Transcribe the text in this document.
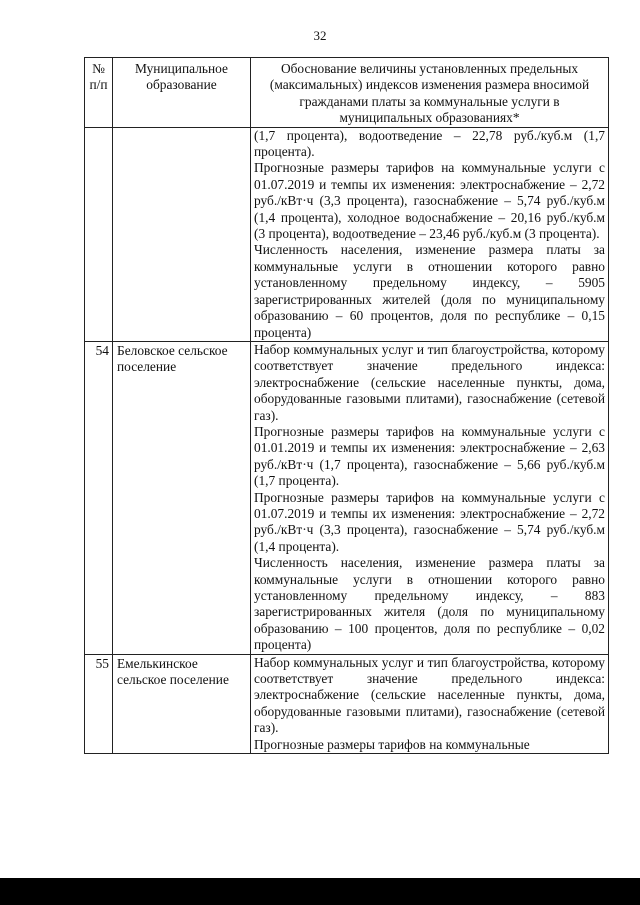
32
№ п/п	Муниципальное образование	Обоснование величины установленных предельных (максимальных) индексов изменения размера вносимой гражданами платы за коммунальные услуги в муниципальных образованиях*

		(1,7 процента), водоотведение – 22,78 руб./куб.м (1,7 процента).

Прогнозные размеры тарифов на коммунальные услуги с 01.07.2019 и темпы их изменения: электроснабжение – 2,72 руб./кВт·ч (3,3 процента), газоснабжение – 5,74 руб./куб.м (1,4 процента), холодное водоснабжение – 20,16 руб./куб.м (3 процента), водоотведение – 23,46 руб./куб.м (3 процента).

Численность населения, изменение размера платы за коммунальные услуги в отношении которого равно установленному предельному индексу, – 5905 зарегистрированных жителей (доля по муниципальному образованию – 60 процентов, доля по республике – 0,15 процента)

54	Беловское сельское поселение	Набор коммунальных услуг и тип благоустройства, которому соответствует значение предельного индекса: электроснабжение (сельские населенные пункты, дома, оборудованные газовыми плитами), газоснабжение (сетевой газ).

Прогнозные размеры тарифов на коммунальные услуги с 01.01.2019 и темпы их изменения: электроснабжение – 2,63 руб./кВт·ч (1,7 процента), газоснабжение – 5,66 руб./куб.м (1,7 процента).

Прогнозные размеры тарифов на коммунальные услуги с 01.07.2019 и темпы их изменения: электроснабжение – 2,72 руб./кВт·ч (3,3 процента), газоснабжение – 5,74 руб./куб.м (1,4 процента).

Численность населения, изменение размера платы за коммунальные услуги в отношении которого равно установленному предельному индексу, – 883 зарегистрированных жителя (доля по муниципальному образованию – 100 процентов, доля по республике – 0,02 процента)

55	Емелькинское сельское поселение	Набор коммунальных услуг и тип благоустройства, которому соответствует значение предельного индекса: электроснабжение (сельские населенные пункты, дома, оборудованные газовыми плитами), газоснабжение (сетевой газ).

Прогнозные размеры тарифов на коммунальные
